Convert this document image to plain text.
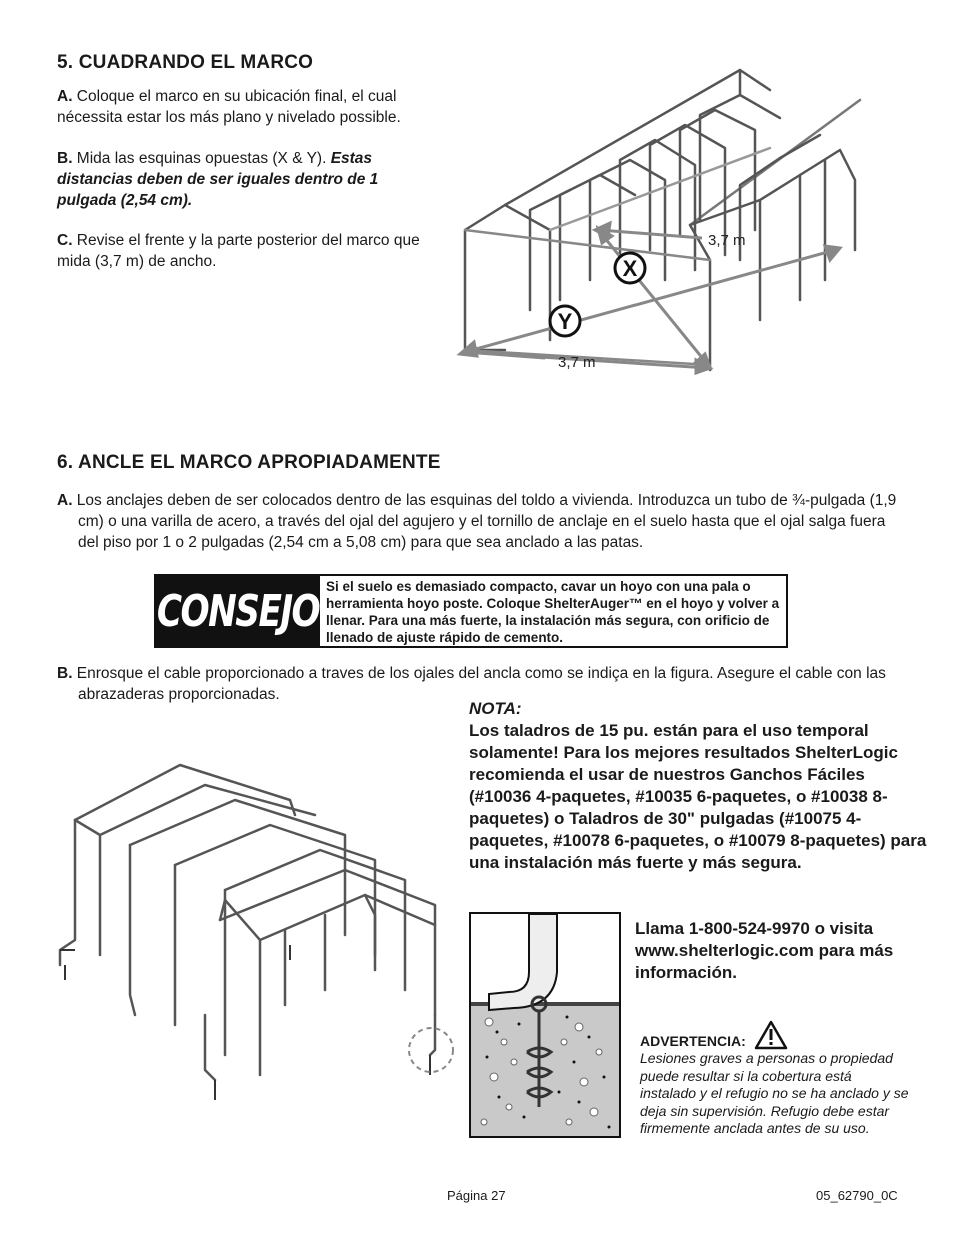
5. CUADRANDO EL MARCO
A. Coloque el marco en su ubicación final, el cual nécessita estar los más plano y nivelado possible.
B. Mida las esquinas opuestas (X & Y). Estas distancias deben de ser iguales dentro de 1 pulgada (2,54 cm).
C. Revise el frente y la parte posterior del marco que mida (3,7 m) de ancho.
3,7 m
3,7 m
X
Y
6. ANCLE EL MARCO APROPIADAMENTE
A. Los anclajes deben de ser colocados dentro de las esquinas del toldo a vivienda. Introduzca un tubo de ¾-pulgada (1,9 cm) o una varilla de acero, a través del ojal del agujero y el tornillo de anclaje en el suelo hasta que el ojal salga fuera del piso por 1 o 2 pulgadas (2,54 cm a 5,08 cm) para que sea anclado a las patas.
CONSEJO Si el suelo es demasiado compacto, cavar un hoyo con una pala o herramienta hoyo poste. Coloque ShelterAuger™ en el hoyo y volver a llenar. Para una más fuerte, la instalación más segura, con orificio de llenado de ajuste rápido de cemento.
B. Enrosque el cable proporcionado a traves de los ojales del ancla como se indiça en la figura. Asegure el cable con las abrazaderas proporcionadas.
NOTA:
Los taladros de 15 pu. están para el uso temporal solamente! Para los mejores resultados ShelterLogic recomienda el usar de nuestros Ganchos Fáciles (#10036 4-paquetes, #10035 6-paquetes, o #10038 8-paquetes) o Taladros de 30" pulgadas (#10075 4-paquetes, #10078 6-paquetes, o #10079 8-paquetes) para una instalación más fuerte y más segura.
Llama 1-800-524-9970 o visita www.shelterlogic.com para más información.
ADVERTENCIA:
Lesiones graves a personas o propiedad puede resultar si la cobertura está instalado y el refugio no se ha anclado y se deja sin supervisión. Refugio debe estar firmemente anclada antes de su uso.
Página 27	05_62790_0C
